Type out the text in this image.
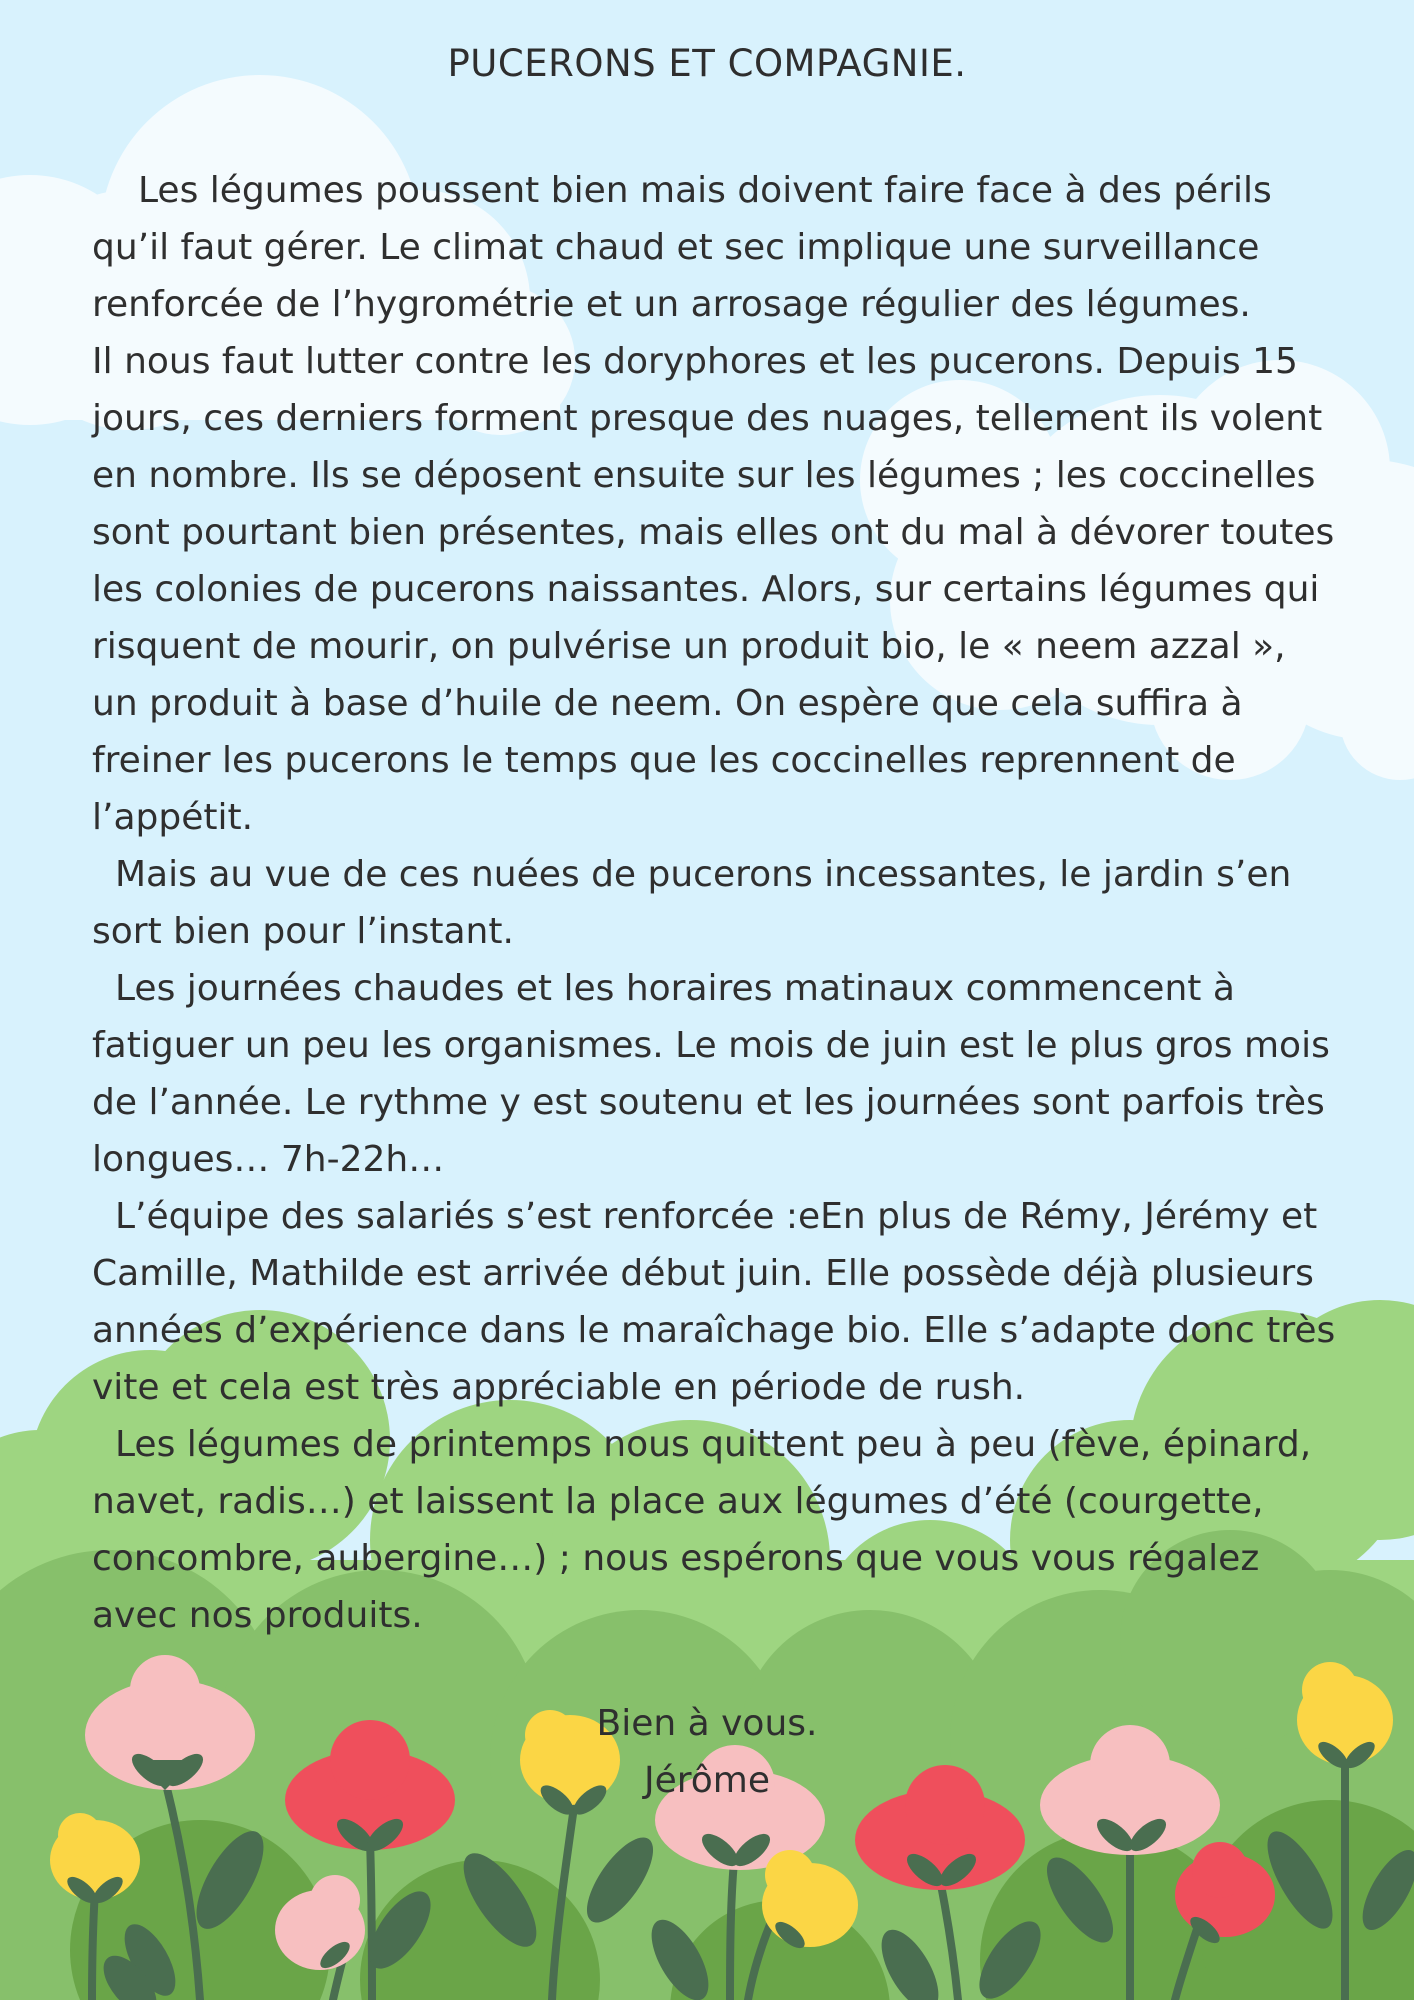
PUCERONS ET COMPAGNIE.

Les légumes poussent bien mais doivent faire face à des périls qu’il faut gérer. Le climat chaud et sec implique une surveillance renforcée de l’hygrométrie et un arrosage régulier des légumes.

Il nous faut lutter contre les doryphores et les pucerons. Depuis 15 jours, ces derniers forment presque des nuages, tellement ils volent en nombre. Ils se déposent ensuite sur les légumes ; les coccinelles sont pourtant bien présentes, mais elles ont du mal à dévorer toutes les colonies de pucerons naissantes. Alors, sur certains légumes qui risquent de mourir, on pulvérise un produit bio, le « neem azzal », un produit à base d’huile de neem. On espère que cela suffira à freiner les pucerons le temps que les coccinelles reprennent de l’appétit.

Mais au vue de ces nuées de pucerons incessantes, le jardin s’en sort bien pour l’instant.

Les journées chaudes et les horaires matinaux commencent à fatiguer un peu les organismes. Le mois de juin est le plus gros mois de l’année. Le rythme y est soutenu et les journées sont parfois très longues… 7h-22h…

L’équipe des salariés s’est renforcée :eEn plus de Rémy, Jérémy et Camille, Mathilde est arrivée début juin. Elle possède déjà plusieurs années d’expérience dans le maraîchage bio. Elle s’adapte donc très vite et cela est très appréciable en période de rush.

Les légumes de printemps nous quittent peu à peu (fève, épinard, navet, radis…) et laissent la place aux légumes d’été (courgette, concombre, aubergine…) ; nous espérons que vous vous régalez avec nos produits.

Bien à vous.

Jérôme
